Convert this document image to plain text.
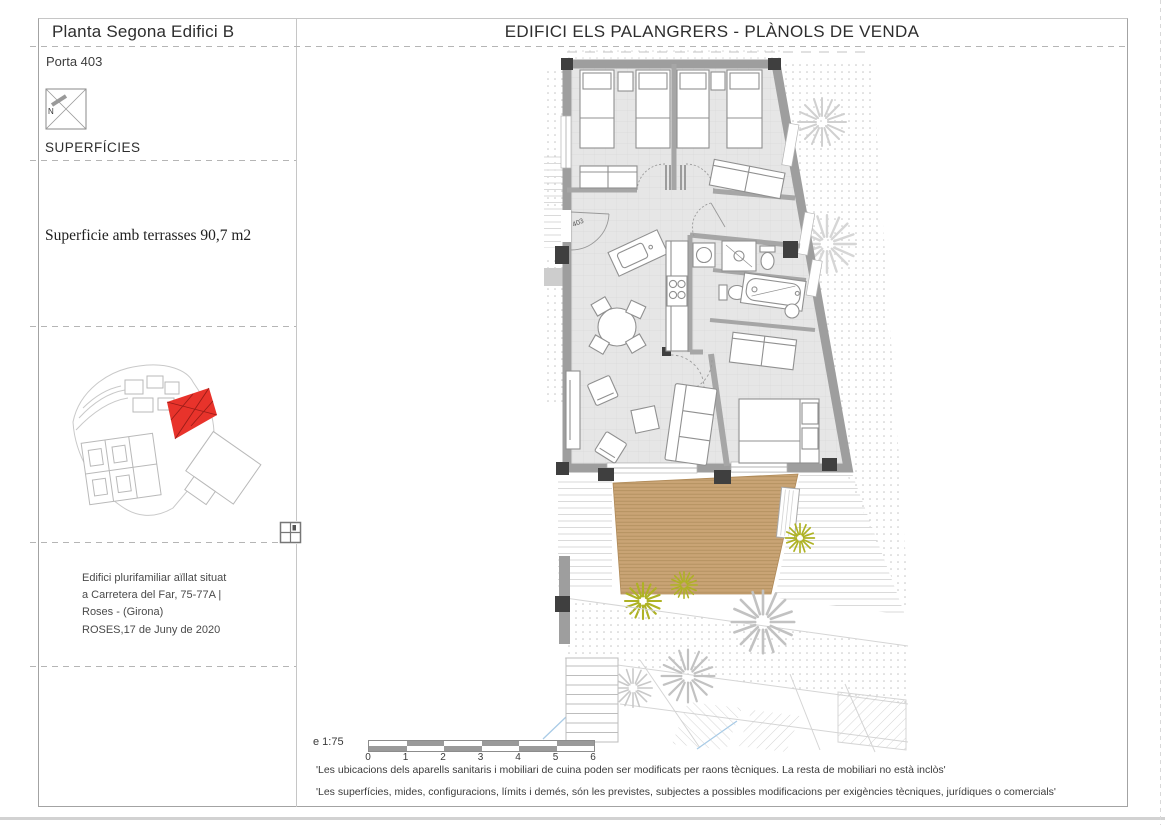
Planta Segona Edifici B	EDIFICI ELS PALANGRERS - PLÀNOLS DE VENDA
Porta 403
N
SUPERFÍCIES
Superficie amb terrasses 90,7 m2
Edifici plurifamiliar aïllat situat
a Carretera del Far, 75-77A |
Roses - (Girona)
ROSES,17 de Juny de 2020
403
e 1:75
0	1	2	3	4	5	6
'Les ubicacions dels aparells sanitaris i mobiliari de cuina poden ser modificats per raons tècniques. La resta de mobiliari no està inclòs'
'Les superfícies, mides, configuracions, límits i demés, són les previstes, subjectes a possibles modificacions per exigències tècniques, jurídiques o comercials'
